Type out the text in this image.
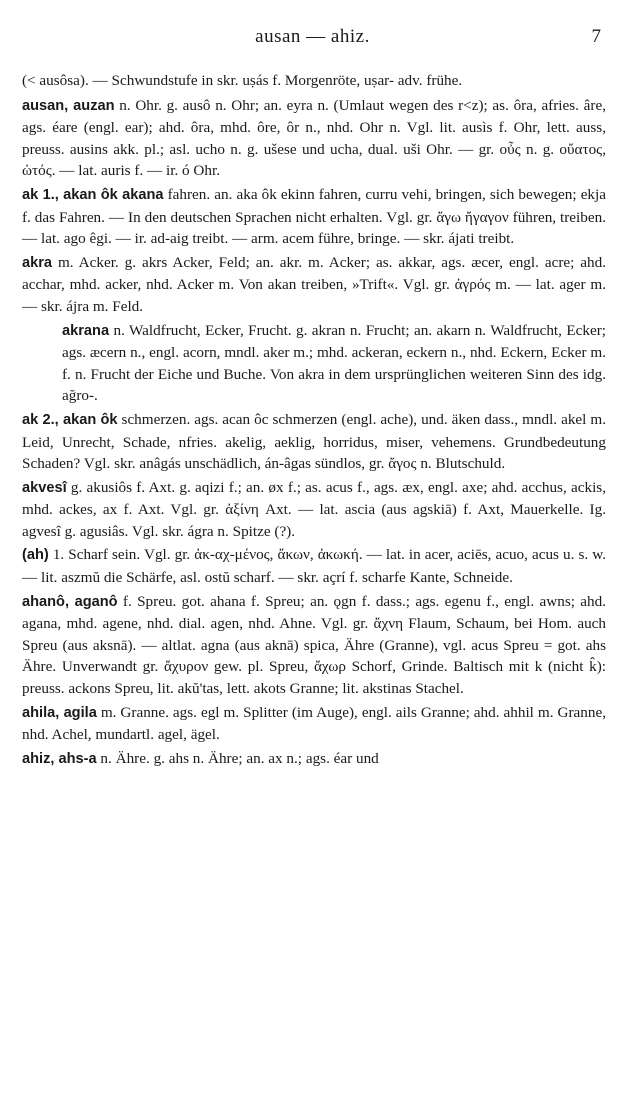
ausan — ahiz.	7

(< ausôsa). — Schwundstufe in skr. uṣás f. Morgenröte, uṣar- adv. frühe.

ausan, auzan n. Ohr. g. ausô n. Ohr; an. eyra n. (Umlaut wegen des r<z); as. ôra, afries. âre, ags. éare (engl. ear); ahd. ôra, mhd. ôre, ôr n., nhd. Ohr n. Vgl. lit. ausìs f. Ohr, lett. auss, preuss. ausins akk. pl.; asl. ucho n. g. ušese und ucha, dual. uši Ohr. — gr. οὖς n. g. οὔατος, ὠτός. — lat. auris f. — ir. ó Ohr.

ak 1., akan ôk akana fahren. an. aka ôk ekinn fahren, curru vehi, bringen, sich bewegen; ekja f. das Fahren. — In den deutschen Sprachen nicht erhalten. Vgl. gr. ἄγω ἤγαγον führen, treiben. — lat. ago êgi. — ir. ad-aig treibt. — arm. acem führe, bringe. — skr. ájati treibt.

akra m. Acker. g. akrs Acker, Feld; an. akr. m. Acker; as. akkar, ags. æcer, engl. acre; ahd. acchar, mhd. acker, nhd. Acker m. Von akan treiben, »Trift«. Vgl. gr. ἀγρός m. — lat. ager m. — skr. ájra m. Feld.

akrana n. Waldfrucht, Ecker, Frucht. g. akran n. Frucht; an. akarn n. Waldfrucht, Ecker; ags. æcern n., engl. acorn, mndl. aker m.; mhd. ackeran, eckern n., nhd. Eckern, Ecker m. f. n. Frucht der Eiche und Buche. Von akra in dem ursprünglichen weiteren Sinn des idg. ağro-.

ak 2., akan ôk schmerzen. ags. acan ôc schmerzen (engl. ache), und. äken dass., mndl. akel m. Leid, Unrecht, Schade, nfries. akelig, aeklig, horridus, miser, vehemens. Grundbedeutung Schaden? Vgl. skr. anâgás unschädlich, án-âgas sündlos, gr. ἄγος n. Blutschuld.

akvesî g. akusiôs f. Axt. g. aqizi f.; an. øx f.; as. acus f., ags. æx, engl. axe; ahd. acchus, ackis, mhd. ackes, ax f. Axt. Vgl. gr. ἀξίνη Axt. — lat. ascia (aus agskiā) f. Axt, Mauerkelle. Ig. agvesî g. agusiâs. Vgl. skr. ágra n. Spitze (?).

(ah) 1. Scharf sein. Vgl. gr. ἀκ-αχ-μένος, ἄκων, ἀκωκή. — lat. in acer, aciēs, acuo, acus u. s. w. — lit. aszmŭ die Schärfe, asl. ostŭ scharf. — skr. açrí f. scharfe Kante, Schneide.

ahanô, aganô f. Spreu. got. ahana f. Spreu; an. ǫgn f. dass.; ags. egenu f., engl. awns; ahd. agana, mhd. agene, nhd. dial. agen, nhd. Ahne. Vgl. gr. ἄχνη Flaum, Schaum, bei Hom. auch Spreu (aus aksnā). — altlat. agna (aus aknā) spica, Ähre (Granne), vgl. acus Spreu = got. ahs Ähre. Unverwandt gr. ἄχυρον gew. pl. Spreu, ἄχωρ Schorf, Grinde. Baltisch mit k (nicht k̂): preuss. ackons Spreu, lit. akŭ'tas, lett. akots Granne; lit. akstinas Stachel.

ahila, agila m. Granne. ags. egl m. Splitter (im Auge), engl. ails Granne; ahd. ahhil m. Granne, nhd. Achel, mundartl. agel, ägel.

ahiz, ahs-a n. Ähre. g. ahs n. Ähre; an. ax n.; ags. éar und
